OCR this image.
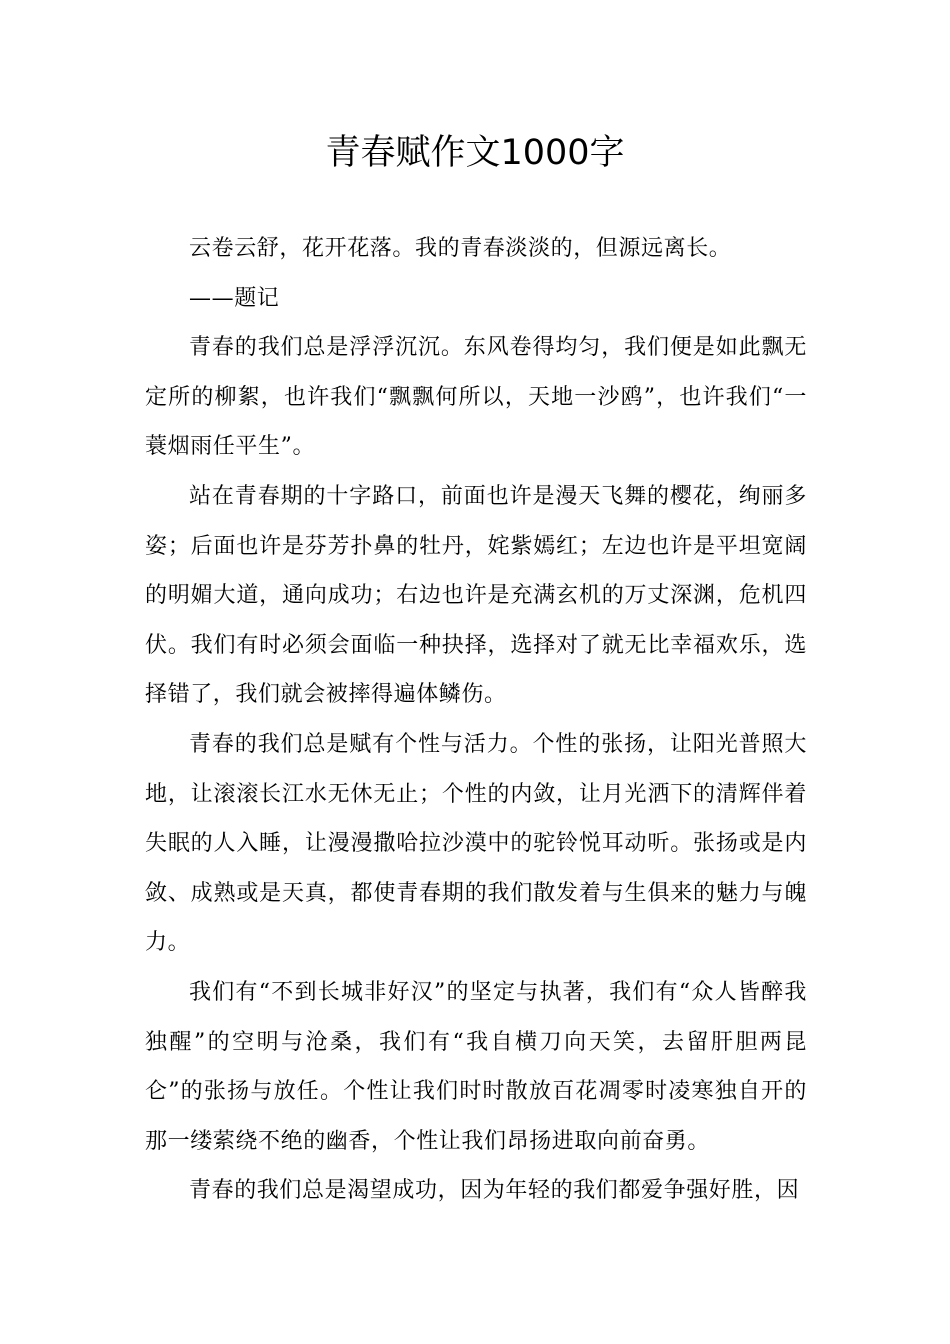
青春赋作文1000字

云卷云舒，花开花落。我的青春淡淡的，但源远离长。

——题记

青春的我们总是浮浮沉沉。东风卷得均匀，我们便是如此飘无定所的柳絮，也许我们“飘飘何所以，天地一沙鸥”，也许我们“一蓑烟雨任平生”。

站在青春期的十字路口，前面也许是漫天飞舞的樱花，绚丽多姿；后面也许是芬芳扑鼻的牡丹，姹紫嫣红；左边也许是平坦宽阔的明媚大道，通向成功；右边也许是充满玄机的万丈深渊，危机四伏。我们有时必须会面临一种抉择，选择对了就无比幸福欢乐，选择错了，我们就会被摔得遍体鳞伤。

青春的我们总是赋有个性与活力。个性的张扬，让阳光普照大地，让滚滚长江水无休无止；个性的内敛，让月光洒下的清辉伴着失眠的人入睡，让漫漫撒哈拉沙漠中的驼铃悦耳动听。张扬或是内敛、成熟或是天真，都使青春期的我们散发着与生俱来的魅力与魄力。

我们有“不到长城非好汉”的坚定与执著，我们有“众人皆醉我独醒”的空明与沧桑，我们有“我自横刀向天笑，去留肝胆两昆仑”的张扬与放任。个性让我们时时散放百花凋零时凌寒独自开的那一缕萦绕不绝的幽香，个性让我们昂扬进取向前奋勇。

青春的我们总是渴望成功，因为年轻的我们都爱争强好胜，因
